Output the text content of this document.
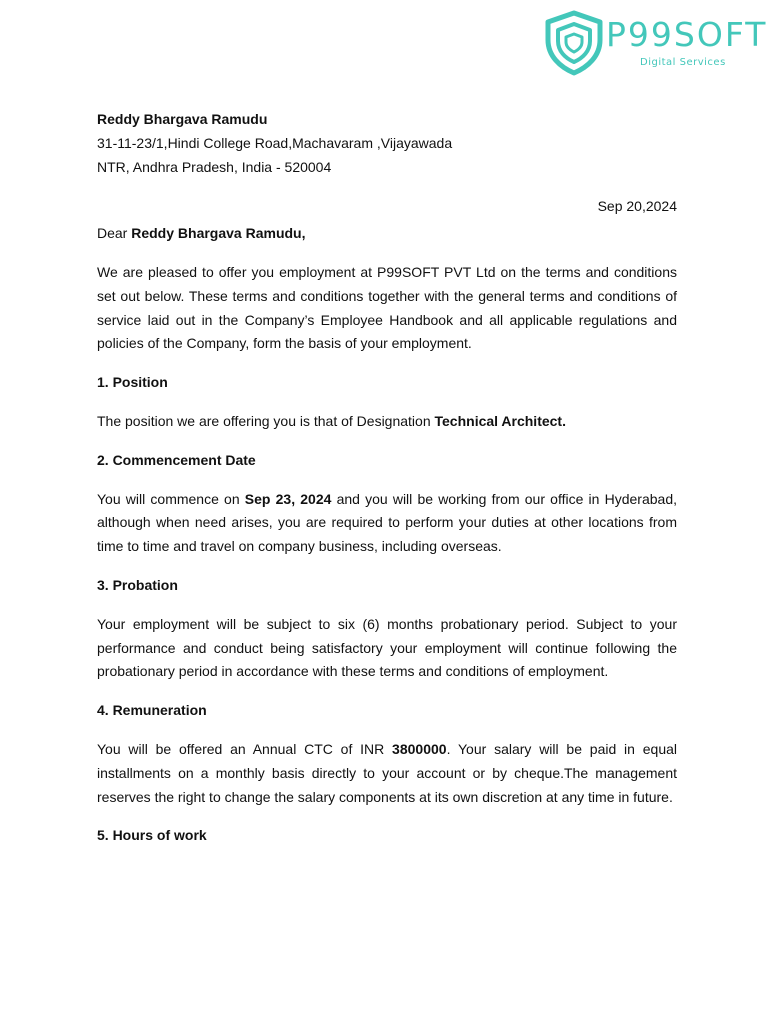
P99SOFT
Digital Services

Reddy Bhargava Ramudu

31-11-23/1,Hindi College Road,Machavaram ,Vijayawada

NTR, Andhra Pradesh, India - 520004

Sep 20,2024
Dear Reddy Bhargava Ramudu,

We are pleased to offer you employment at P99SOFT PVT Ltd on the terms and conditions set out below. These terms and conditions together with the general terms and conditions of service laid out in the Company’s Employee Handbook and all applicable regulations and policies of the Company, form the basis of your employment.

1. Position

The position we are offering you is that of Designation Technical Architect.

2. Commencement Date

You will commence on Sep 23, 2024 and you will be working from our office in Hyderabad, although when need arises, you are required to perform your duties at other locations from time to time and travel on company business, including overseas.

3. Probation

Your employment will be subject to six (6) months probationary period. Subject to your performance and conduct being satisfactory your employment will continue following the probationary period in accordance with these terms and conditions of employment.

4. Remuneration

You will be offered an Annual CTC of INR 3800000. Your salary will be paid in equal installments on a monthly basis directly to your account or by cheque.The management reserves the right to change the salary components at its own discretion at any time in future.

5. Hours of work
